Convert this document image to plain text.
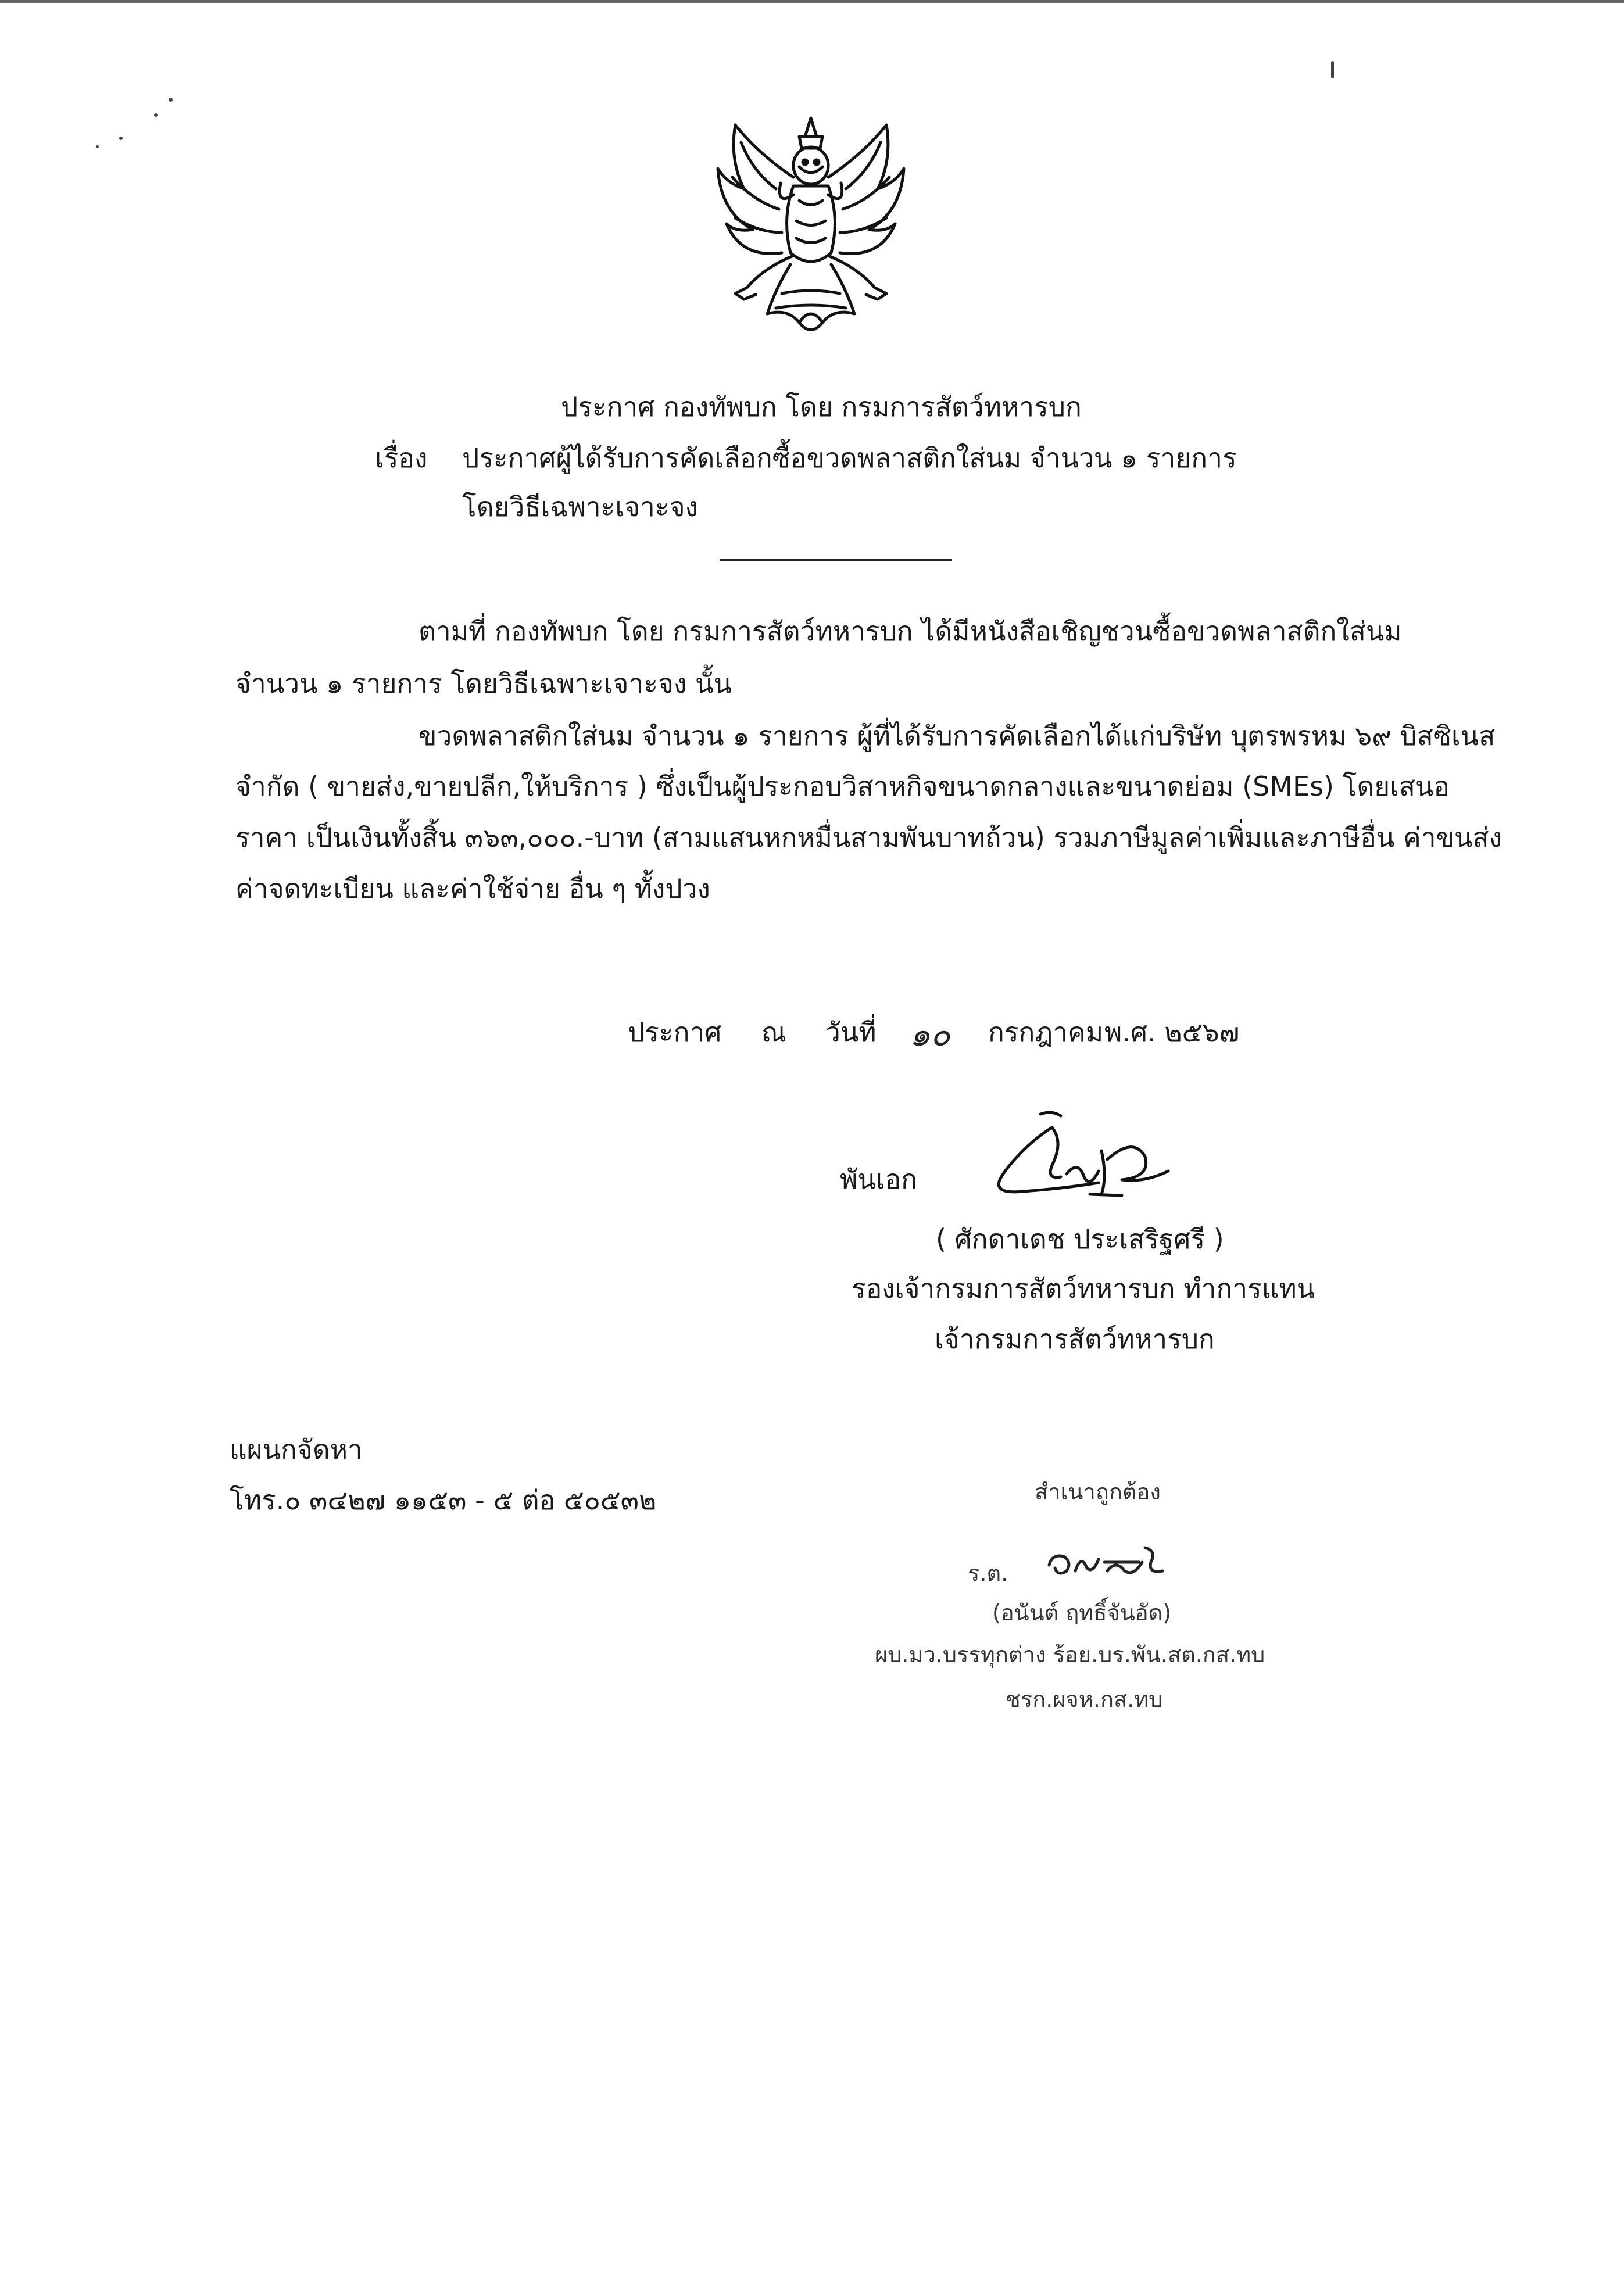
ประกาศ กองทัพบก โดย กรมการสัตว์ทหารบก
เรื่อง ประกาศผู้ได้รับการคัดเลือกซื้อขวดพลาสติกใส่นม จำนวน ๑ รายการ
โดยวิธีเฉพาะเจาะจง
ตามที่ กองทัพบก โดย กรมการสัตว์ทหารบก ได้มีหนังสือเชิญชวนซื้อขวดพลาสติกใส่นม
จำนวน ๑ รายการ โดยวิธีเฉพาะเจาะจง นั้น
ขวดพลาสติกใส่นม จำนวน ๑ รายการ ผู้ที่ได้รับการคัดเลือกได้แก่บริษัท บุตรพรหม ๖๙ บิสซิเนส
จำกัด ( ขายส่ง,ขายปลีก,ให้บริการ ) ซึ่งเป็นผู้ประกอบวิสาหกิจขนาดกลางและขนาดย่อม (SMEs) โดยเสนอ
ราคา เป็นเงินทั้งสิ้น ๓๖๓,๐๐๐.-บาท (สามแสนหกหมื่นสามพันบาทถ้วน) รวมภาษีมูลค่าเพิ่มและภาษีอื่น ค่าขนส่ง
ค่าจดทะเบียน และค่าใช้จ่าย อื่น ๆ ทั้งปวง
ประกาศ ณ วันที่ ๑๐ กรกฎาคม พ.ศ. ๒๕๖๗
พันเอก
( ศักดาเดช ประเสริฐศรี )
รองเจ้ากรมการสัตว์ทหารบก ทำการแทน
เจ้ากรมการสัตว์ทหารบก
แผนกจัดหา
โทร.๐ ๓๔๒๗ ๑๑๕๓ - ๕ ต่อ ๕๐๕๓๒	สำเนาถูกต้อง
ร.ต.
(อนันต์ ฤทธิ์จันอัด)
ผบ.มว.บรรทุกต่าง ร้อย.บร.พัน.สต.กส.ทบ
ชรก.ผจห.กส.ทบ
